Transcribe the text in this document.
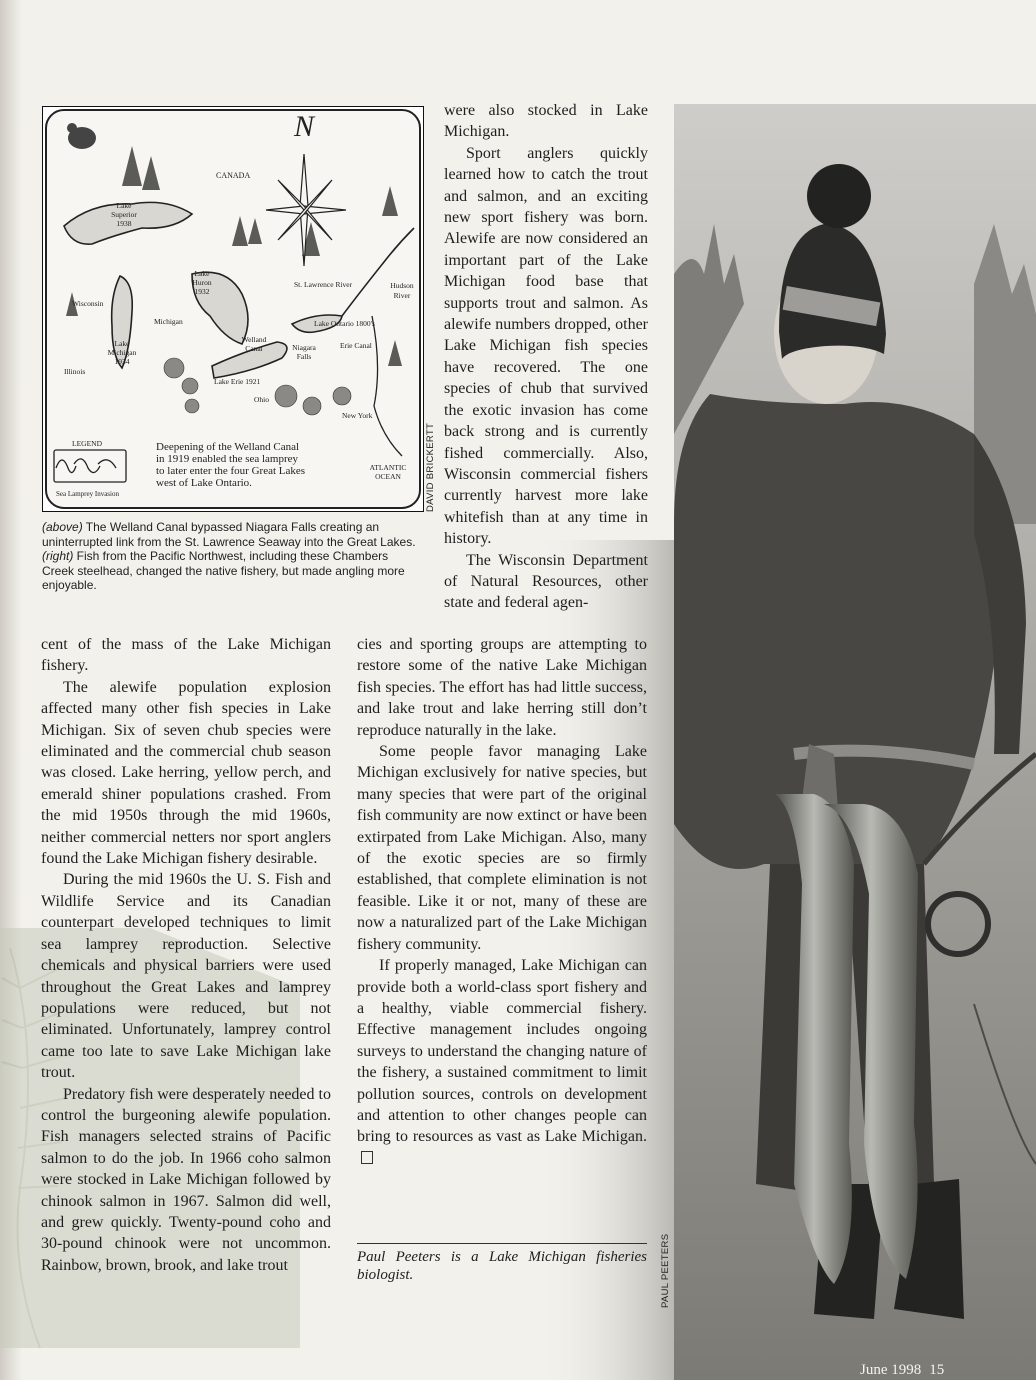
N
CANADA
Lake Superior 1938
Lake Huron 1932
Lake Michigan 1934
St. Lawrence River	Hudson River
Lake Ontario 1800's
Erie Canal
Welland Canal	Niagara Falls
Lake Erie 1921
Wisconsin
Michigan
Illinois
Ohio
New York
ATLANTIC OCEAN
LEGEND
Sea Lamprey Invasion
Deepening of the Welland Canal in 1919 enabled the sea lamprey to later enter the four Great Lakes west of Lake Ontario.	DAVID BRICKERTT

(above) The Welland Canal bypassed Niagara Falls creating an uninterrupted link from the St. Lawrence Seaway into the Great Lakes.

(right) Fish from the Pacific Northwest, including these Chambers Creek steelhead, changed the native fishery, but made angling more enjoyable.

were also stocked in Lake Michigan.

Sport anglers quickly learned how to catch the trout and salmon, and an exciting new sport fishery was born. Alewife are now considered an important part of the Lake Michigan food base that supports trout and salmon. As alewife numbers dropped, other Lake Michigan fish species have recovered. The one species of chub that survived the exotic invasion has come back strong and is currently fished commercially. Also, Wisconsin commercial fishers currently harvest more lake whitefish than at any time in history.

The Wisconsin Department of Natural Resources, other state and federal agen-

cent of the mass of the Lake Michigan fishery.

The alewife population explosion affected many other fish species in Lake Michigan. Six of seven chub species were eliminated and the commercial chub season was closed. Lake herring, yellow perch, and emerald shiner populations crashed. From the mid 1950s through the mid 1960s, neither commercial netters nor sport anglers found the Lake Michigan fishery desirable.

During the mid 1960s the U. S. Fish and Wildlife Service and its Canadian counterpart developed techniques to limit sea lamprey reproduction. Selective chemicals and physical barriers were used throughout the Great Lakes and lamprey populations were reduced, but not eliminated. Unfortunately, lamprey control came too late to save Lake Michigan lake trout.

Predatory fish were desperately needed to control the burgeoning alewife population. Fish managers selected strains of Pacific salmon to do the job. In 1966 coho salmon were stocked in Lake Michigan followed by chinook salmon in 1967. Salmon did well, and grew quickly. Twenty-pound coho and 30-pound chinook were not uncommon. Rainbow, brown, brook, and lake trout

cies and sporting groups are attempting to restore some of the native Lake Michigan fish species. The effort has had little success, and lake trout and lake herring still don’t reproduce naturally in the lake.

Some people favor managing Lake Michigan exclusively for native species, but many species that were part of the original fish community are now extinct or have been extirpated from Lake Michigan. Also, many of the exotic species are so firmly established, that complete elimination is not feasible. Like it or not, many of these are now a naturalized part of the Lake Michigan fishery community.

If properly managed, Lake Michigan can provide both a world-class sport fishery and a healthy, viable commercial fishery. Effective management includes ongoing surveys to understand the changing nature of the fishery, a sustained commitment to limit pollution sources, controls on development and attention to other changes people can bring to resources as vast as Lake Michigan.

Paul Peeters is a Lake Michigan fisheries biologist.	PAUL PEETERS
June 1998 15
